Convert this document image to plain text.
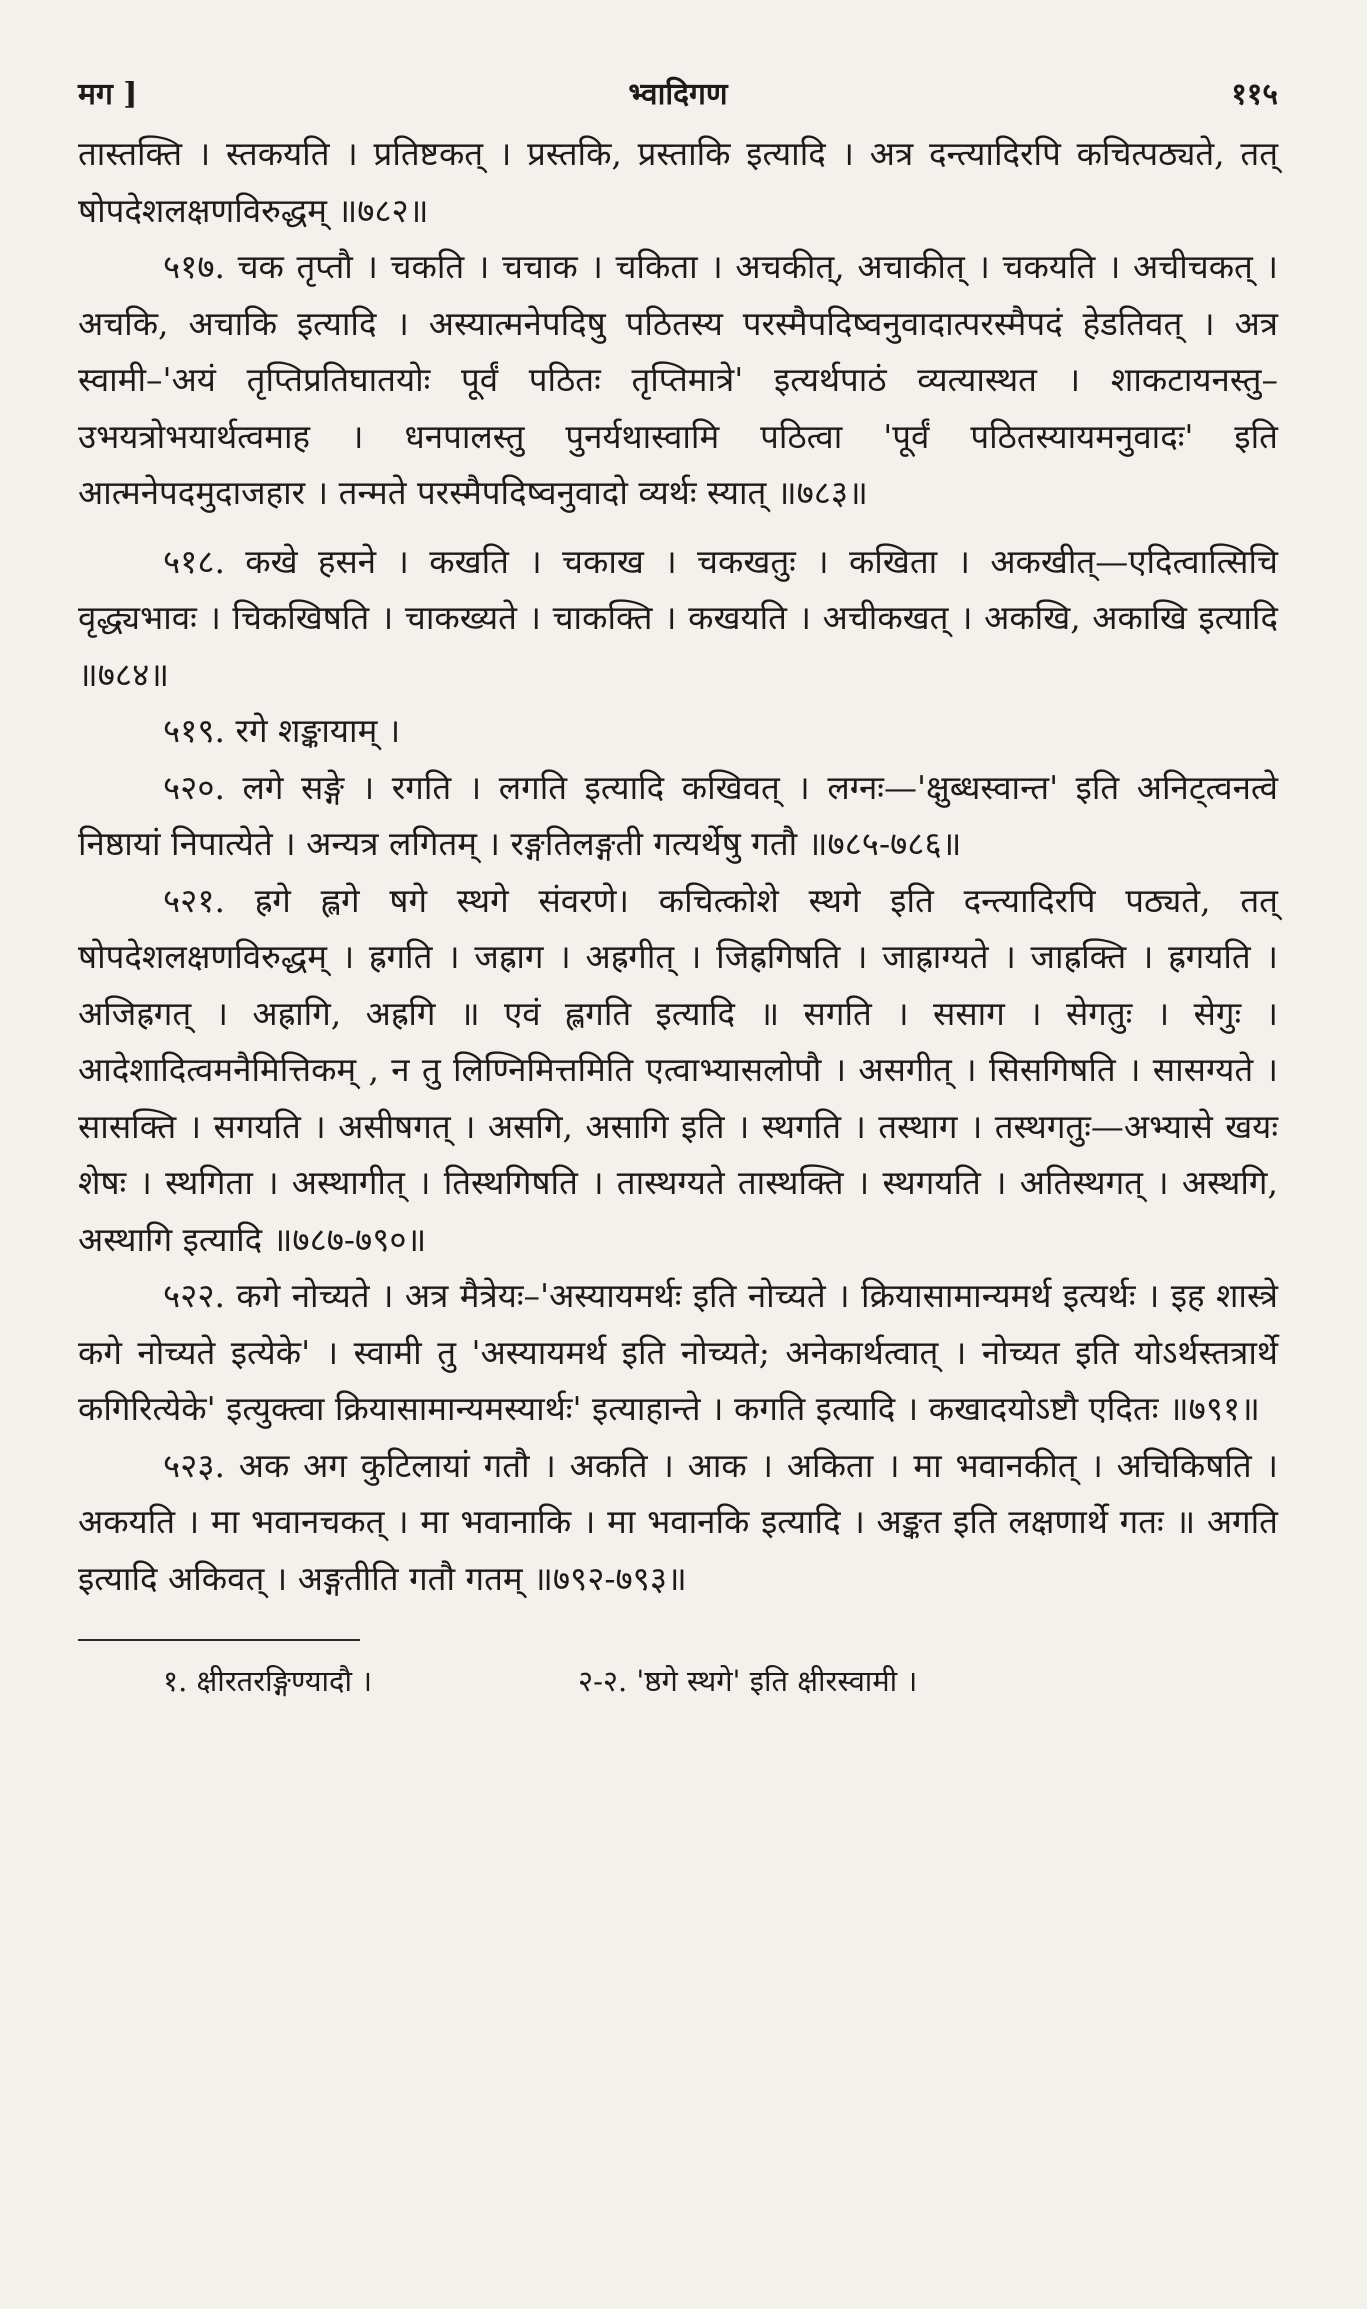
मग ]	भ्वादिगण	११५

तास्तक्ति । स्तकयति । प्रतिष्टकत् । प्रस्तकि, प्रस्ताकि इत्यादि । अत्र दन्त्यादिरपि कचित्पठ्यते, तत् षोपदेशलक्षणविरुद्धम् ॥७८२॥

५१७. चक तृप्तौ । चकति । चचाक । चकिता । अचकीत्, अचाकीत् । चकयति । अचीचकत् । अचकि, अचाकि इत्यादि । अस्यात्मनेपदिषु पठितस्य परस्मैपदिष्वनुवादात्परस्मैपदं हेडतिवत् । अत्र स्वामी–'अयं तृप्तिप्रतिघातयोः पूर्वं पठितः तृप्तिमात्रे' इत्यर्थपाठं व्यत्यास्थत । शाकटायनस्तु–उभयत्रोभयार्थत्वमाह । धनपालस्तु पुनर्यथास्वामि पठित्वा 'पूर्वं पठितस्यायमनुवादः' इति आत्मनेपदमुदाजहार । तन्मते परस्मैपदिष्वनुवादो व्यर्थः स्यात् ॥७८३॥

५१८. कखे हसने । कखति । चकाख । चकखतुः । कखिता । अकखीत्—एदित्वात्सिचि वृद्ध्यभावः । चिकखिषति । चाकख्यते । चाकक्ति । कखयति । अचीकखत् । अकखि, अकाखि इत्यादि ॥७८४॥

५१९. रगे शङ्कायाम् ।

५२०. लगे सङ्गे । रगति । लगति इत्यादि कखिवत् । लग्नः—'क्षुब्धस्वान्त' इति अनिट्त्वनत्वे निष्ठायां निपात्येते । अन्यत्र लगितम् । रङ्गतिलङ्गती गत्यर्थेषु गतौ ॥७८५-७८६॥

५२१. ह्रगे ह्लगे षगे स्थगे संवरणे। कचित्कोशे स्थगे इति दन्त्यादिरपि पठ्यते, तत् षोपदेशलक्षणविरुद्धम् । ह्रगति । जह्राग । अह्रगीत् । जिह्रगिषति । जाह्राग्यते । जाह्रक्ति । ह्रगयति । अजिह्रगत् । अह्रागि, अह्रगि ॥ एवं ह्लगति इत्यादि ॥ सगति । ससाग । सेगतुः । सेगुः । आदेशादित्वमनैमित्तिकम् , न तु लिण्निमित्तमिति एत्वाभ्यासलोपौ । असगीत् । सिसगिषति । सासग्यते । सासक्ति । सगयति । असीषगत् । असगि, असागि इति । स्थगति । तस्थाग । तस्थगतुः—अभ्यासे खयः शेषः । स्थगिता । अस्थागीत् । तिस्थगिषति । तास्थग्यते तास्थक्ति । स्थगयति । अतिस्थगत् । अस्थगि, अस्थागि इत्यादि ॥७८७-७९०॥

५२२. कगे नोच्यते । अत्र मैत्रेयः–'अस्यायमर्थः इति नोच्यते । क्रियासामान्यमर्थ इत्यर्थः । इह शास्त्रे कगे नोच्यते इत्येके' । स्वामी तु 'अस्यायमर्थ इति नोच्यते; अनेकार्थत्वात् । नोच्यत इति योऽर्थस्तत्रार्थे कगिरित्येके' इत्युक्त्वा क्रियासामान्यमस्यार्थः' इत्याहान्ते । कगति इत्यादि । कखादयोऽष्टौ एदितः ॥७९१॥

५२३. अक अग कुटिलायां गतौ । अकति । आक । अकिता । मा भवानकीत् । अचिकिषति । अकयति । मा भवानचकत् । मा भवानाकि । मा भवानकि इत्यादि । अङ्कत इति लक्षणार्थे गतः ॥ अगति इत्यादि अकिवत् । अङ्गतीति गतौ गतम् ॥७९२-७९३॥

१. क्षीरतरङ्गिण्यादौ ।	२-२. 'ष्ठगे स्थगे' इति क्षीरस्वामी ।
